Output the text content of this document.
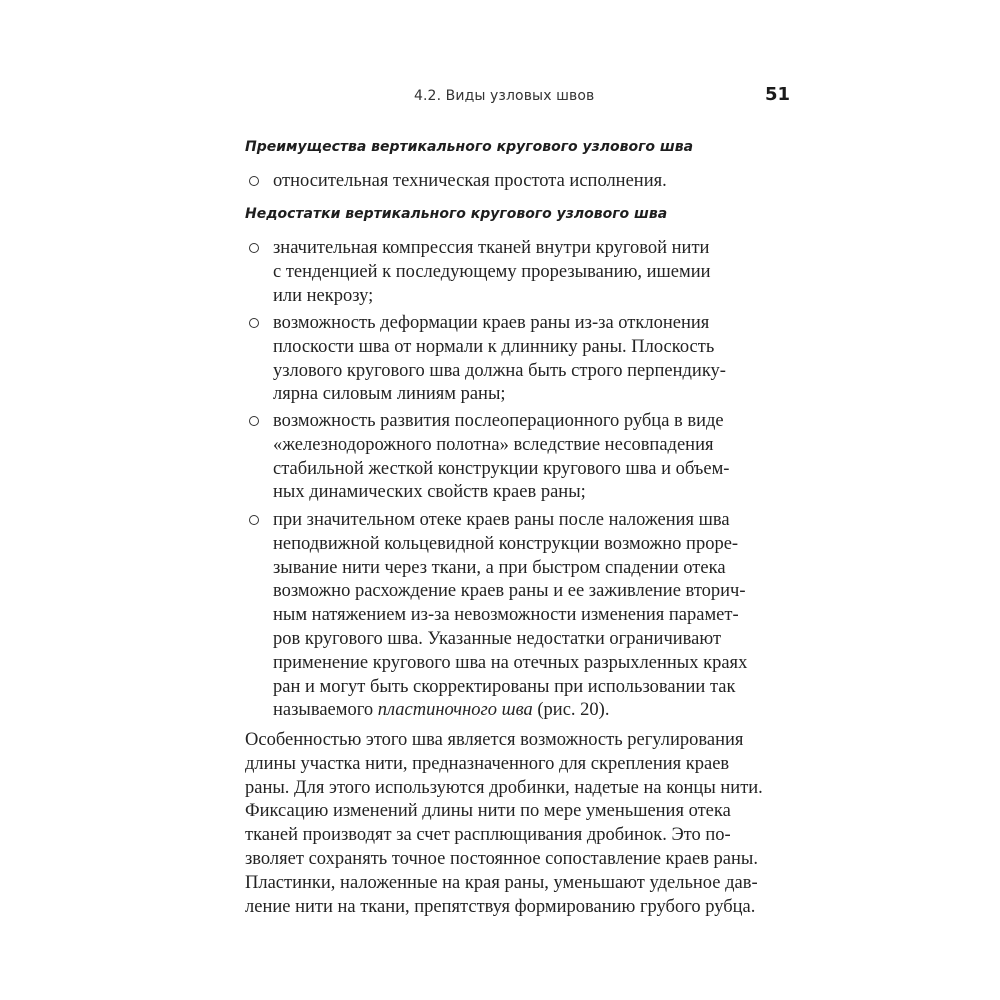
4.2. Виды узловых швов	51
Преимущества вертикального кругового узлового шва
относительная техническая простота исполнения.
Недостатки вертикального кругового узлового шва
значительная компрессия тканей внутри круговой нити
с тенденцией к последующему прорезыванию, ишемии
или некрозу;
возможность деформации краев раны из-за отклонения
плоскости шва от нормали к длиннику раны. Плоскость
узлового кругового шва должна быть строго перпендику-
лярна силовым линиям раны;
возможность развития послеоперационного рубца в виде
«железнодорожного полотна» вследствие несовпадения
стабильной жесткой конструкции кругового шва и объем-
ных динамических свойств краев раны;
при значительном отеке краев раны после наложения шва
неподвижной кольцевидной конструкции возможно проре-
зывание нити через ткани, а при быстром спадении отека
возможно расхождение краев раны и ее заживление вторич-
ным натяжением из-за невозможности изменения парамет-
ров кругового шва. Указанные недостатки ограничивают
применение кругового шва на отечных разрыхленных краях
ран и могут быть скорректированы при использовании так
называемого пластиночного шва (рис. 20).
Особенностью этого шва является возможность регулирования
длины участка нити, предназначенного для скрепления краев
раны. Для этого используются дробинки, надетые на концы нити.
Фиксацию изменений длины нити по мере уменьшения отека
тканей производят за счет расплющивания дробинок. Это по-
зволяет сохранять точное постоянное сопоставление краев раны.
Пластинки, наложенные на края раны, уменьшают удельное дав-
ление нити на ткани, препятствуя формированию грубого рубца.
